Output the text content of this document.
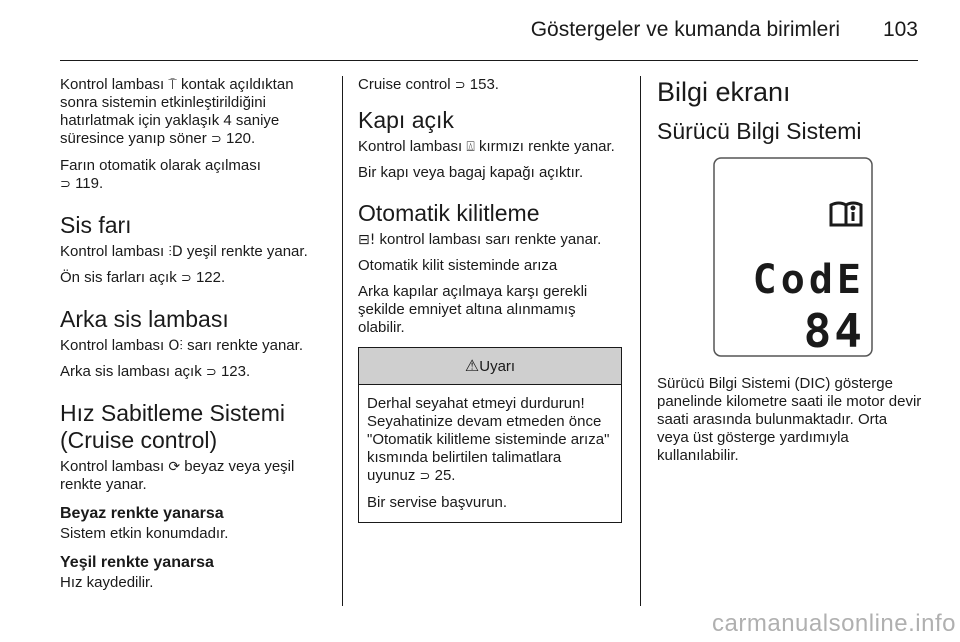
Göstergeler ve kumanda birimleri 103

Kontrol lambası ⍑ kontak açıldıktan sonra sistemin etkinleştirildiğini hatırlatmak için yaklaşık 4 saniye süresince yanıp söner ⊃ 120.

Farın otomatik olarak açılması
⊃ 119.

Sis farı

Kontrol lambası ⫶D yeşil renkte yanar.

Ön sis farları açık ⊃ 122.

Arka sis lambası

Kontrol lambası O⫶ sarı renkte yanar.

Arka sis lambası açık ⊃ 123.

Hız Sabitleme Sistemi (Cruise control)

Kontrol lambası ⟳ beyaz veya yeşil renkte yanar.

Beyaz renkte yanarsa

Sistem etkin konumdadır.

Yeşil renkte yanarsa

Hız kaydedilir.

Cruise control ⊃ 153.

Kapı açık

Kontrol lambası ⍍ kırmızı renkte yanar.

Bir kapı veya bagaj kapağı açıktır.

Otomatik kilitleme

⊟! kontrol lambası sarı renkte yanar.

Otomatik kilit sisteminde arıza

Arka kapılar açılmaya karşı gerekli şekilde emniyet altına alınmamış olabilir.

⚠Uyarı

Derhal seyahat etmeyi durdurun! Seyahatinize devam etmeden önce "Otomatik kilitleme sisteminde arıza" kısmında belirtilen talimatlara uyunuz ⊃ 25.

Bir servise başvurun.

Bilgi ekranı
Sürücü Bilgi Sistemi
CodE
84

Sürücü Bilgi Sistemi (DIC) gösterge panelinde kilometre saati ile motor devir saati arasında bulunmaktadır. Orta veya üst gösterge yardımıyla kullanılabilir.

carmanualsonline.info
